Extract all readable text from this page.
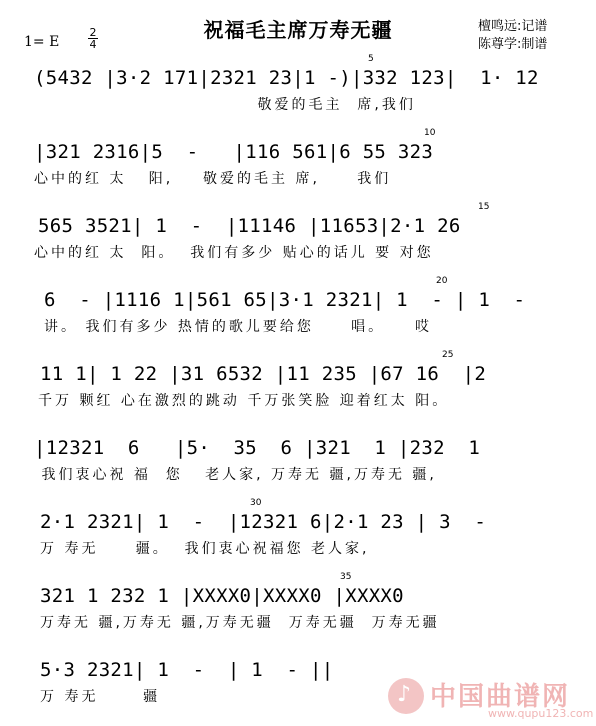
祝福毛主席万寿无疆
1= E
2
4
檀鸣远:记谱
陈尊学:制谱
5
(5432 |3·2 171|2321 23|1 -)|332 123|  1· 12
敬爱的毛主  席,我们
10
|321 2316|5  -   |116 561|6 55 323
心中的红 太   阳,    敬爱的毛主 席,     我们
15
565 3521| 1  -  |11146 |11653|2·1 26
心中的红 太  阳。  我们有多少 贴心的话儿 要 对您
20
6  - |1116 1|561 65|3·1 2321| 1  - | 1  -
讲。 我们有多少 热情的歌儿要给您     唱。    哎
25
11 1| 1 22 |31 6532 |11 235 |67 16  |2
千万 颗红 心在激烈的跳动 千万张笑脸 迎着红太 阳。
|12321  6   |5·  35  6 |321  1 |232  1
我们衷心祝 福  您   老人家, 万寿无 疆,万寿无 疆,
30
2·1 2321| 1  -  |12321 6|2·1 23 | 3  -
万 寿无     疆。  我们衷心祝福您 老人家,
35
321 1 232 1 |XXXX0|XXXX0 |XXXX0
万寿无 疆,万寿无 疆,万寿无疆  万寿无疆  万寿无疆
5·3 2321| 1  -  | 1  - ||
万 寿无      疆	♪ 中国曲谱网
www.qupu123.com
